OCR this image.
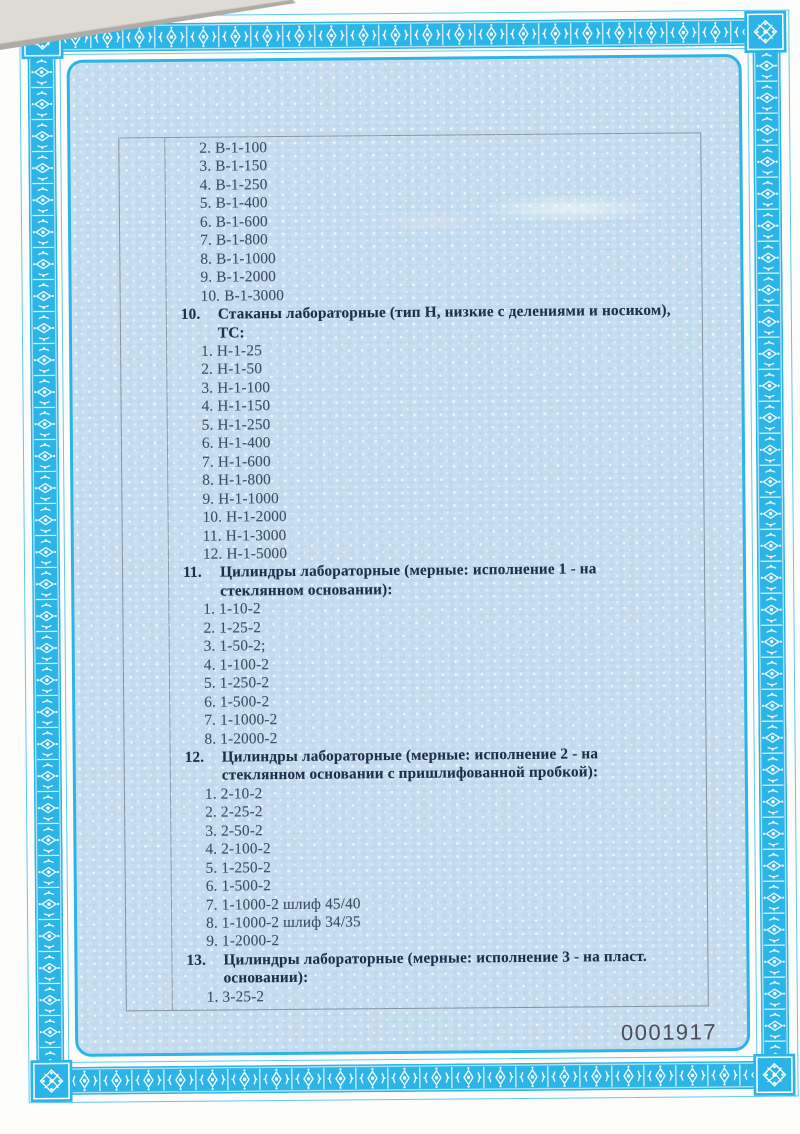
2. В-1-100
3. В-1-150
4. В-1-250
5. В-1-400
6. В-1-600
7. В-1-800
8. В-1-1000
9. В-1-2000
10. В-1-3000
10.	Стаканы лабораторные (тип Н, низкие с делениями и носиком),
ТС:
1. Н-1-25
2. Н-1-50
3. Н-1-100
4. Н-1-150
5. Н-1-250
6. Н-1-400
7. Н-1-600
8. Н-1-800
9. Н-1-1000
10. Н-1-2000
11. Н-1-3000
12. Н-1-5000
11.	Цилиндры лабораторные (мерные: исполнение 1 - на
стеклянном основании):
1. 1-10-2
2. 1-25-2
3. 1-50-2;
4. 1-100-2
5. 1-250-2
6. 1-500-2
7. 1-1000-2
8. 1-2000-2
12.	Цилиндры лабораторные (мерные: исполнение 2 - на
стеклянном основании с пришлифованной пробкой):
1. 2-10-2
2. 2-25-2
3. 2-50-2
4. 2-100-2
5. 1-250-2
6. 1-500-2
7. 1-1000-2 шлиф 45/40
8. 1-1000-2 шлиф 34/35
9. 1-2000-2
13.	Цилиндры лабораторные (мерные: исполнение 3 - на пласт.
основании):
1. 3-25-2
0001917
